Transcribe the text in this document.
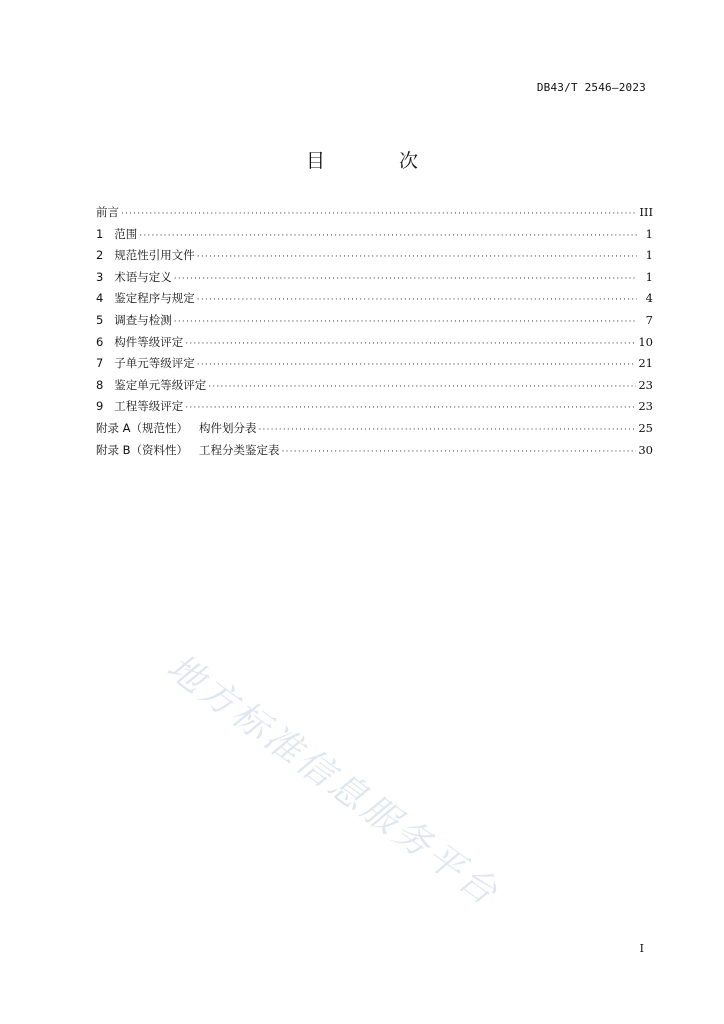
DB43/T 2546—2023
目 次
前言 ·····	III
1   范围 ·····	1
2   规范性引用文件 ·····	1
3   术语与定义 ·····	1
4   鉴定程序与规定 ·····	4
5   调查与检测 ·····	7
6   构件等级评定 ·····	10
7   子单元等级评定 ·····	21
8   鉴定单元等级评定 ·····	23
9   工程等级评定 ·····	23
附录 A（规范性）   构件划分表 ·····	25
附录 B（资料性）   工程分类鉴定表 ·····	30
地方标准信息服务平台
I
